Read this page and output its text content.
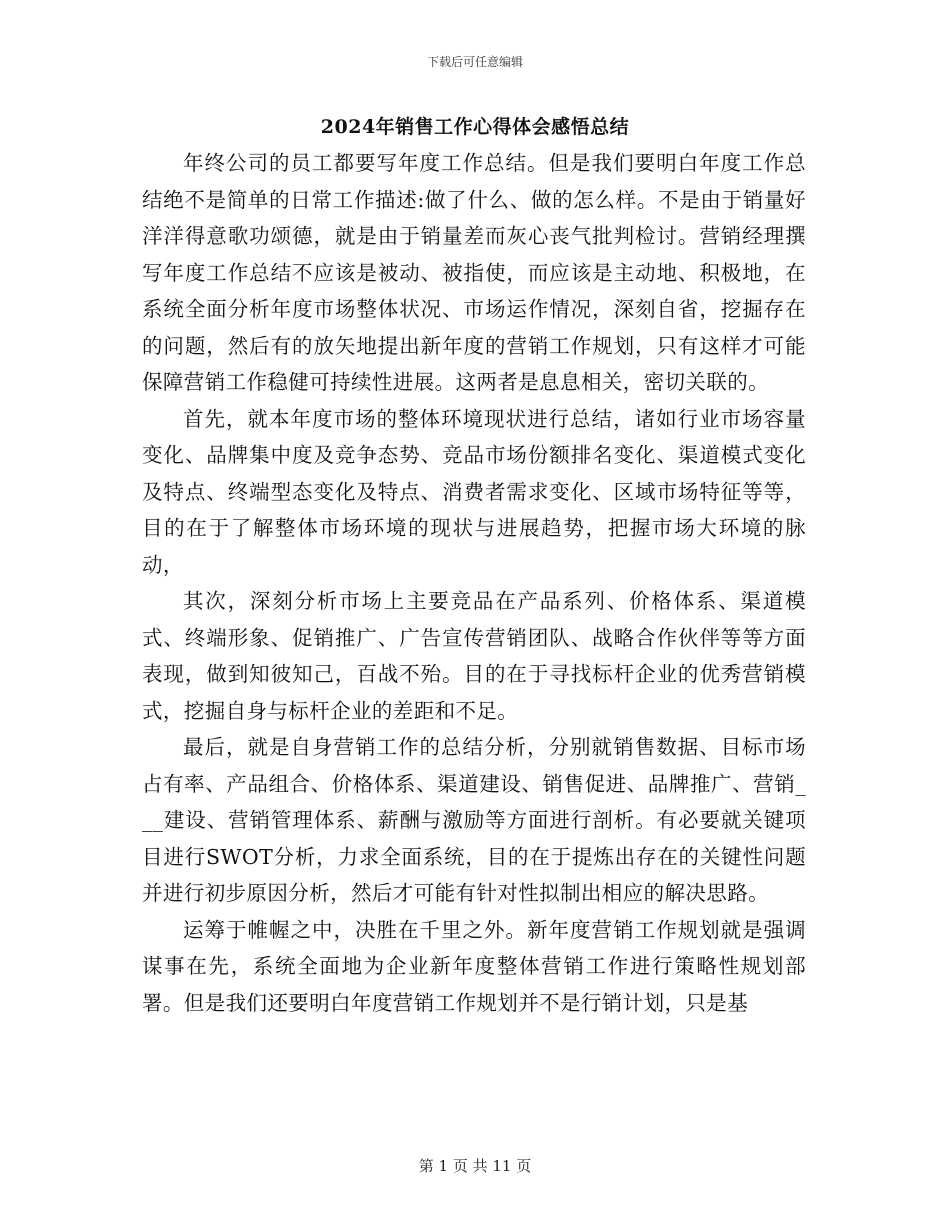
下载后可任意编辑
2024年销售工作心得体会感悟总结

年终公司的员工都要写年度工作总结。但是我们要明白年度工作总结绝不是简单的日常工作描述:做了什么、做的怎么样。不是由于销量好洋洋得意歌功颂德，就是由于销量差而灰心丧气批判检讨。营销经理撰写年度工作总结不应该是被动、被指使，而应该是主动地、积极地，在系统全面分析年度市场整体状况、市场运作情况，深刻自省，挖掘存在的问题，然后有的放矢地提出新年度的营销工作规划，只有这样才可能保障营销工作稳健可持续性进展。这两者是息息相关，密切关联的。

首先，就本年度市场的整体环境现状进行总结，诸如行业市场容量变化、品牌集中度及竞争态势、竞品市场份额排名变化、渠道模式变化及特点、终端型态变化及特点、消费者需求变化、区域市场特征等等，目的在于了解整体市场环境的现状与进展趋势，把握市场大环境的脉动，

其次，深刻分析市场上主要竞品在产品系列、价格体系、渠道模式、终端形象、促销推广、广告宣传营销团队、战略合作伙伴等等方面表现，做到知彼知己，百战不殆。目的在于寻找标杆企业的优秀营销模式，挖掘自身与标杆企业的差距和不足。

最后，就是自身营销工作的总结分析，分别就销售数据、目标市场占有率、产品组合、价格体系、渠道建设、销售促进、品牌推广、营销___建设、营销管理体系、薪酬与激励等方面进行剖析。有必要就关键项目进行SWOT分析，力求全面系统，目的在于提炼出存在的关键性问题并进行初步原因分析，然后才可能有针对性拟制出相应的解决思路。

运筹于帷幄之中，决胜在千里之外。新年度营销工作规划就是强调谋事在先，系统全面地为企业新年度整体营销工作进行策略性规划部署。但是我们还要明白年度营销工作规划并不是行销计划，只是基

第 1 页 共 11 页
